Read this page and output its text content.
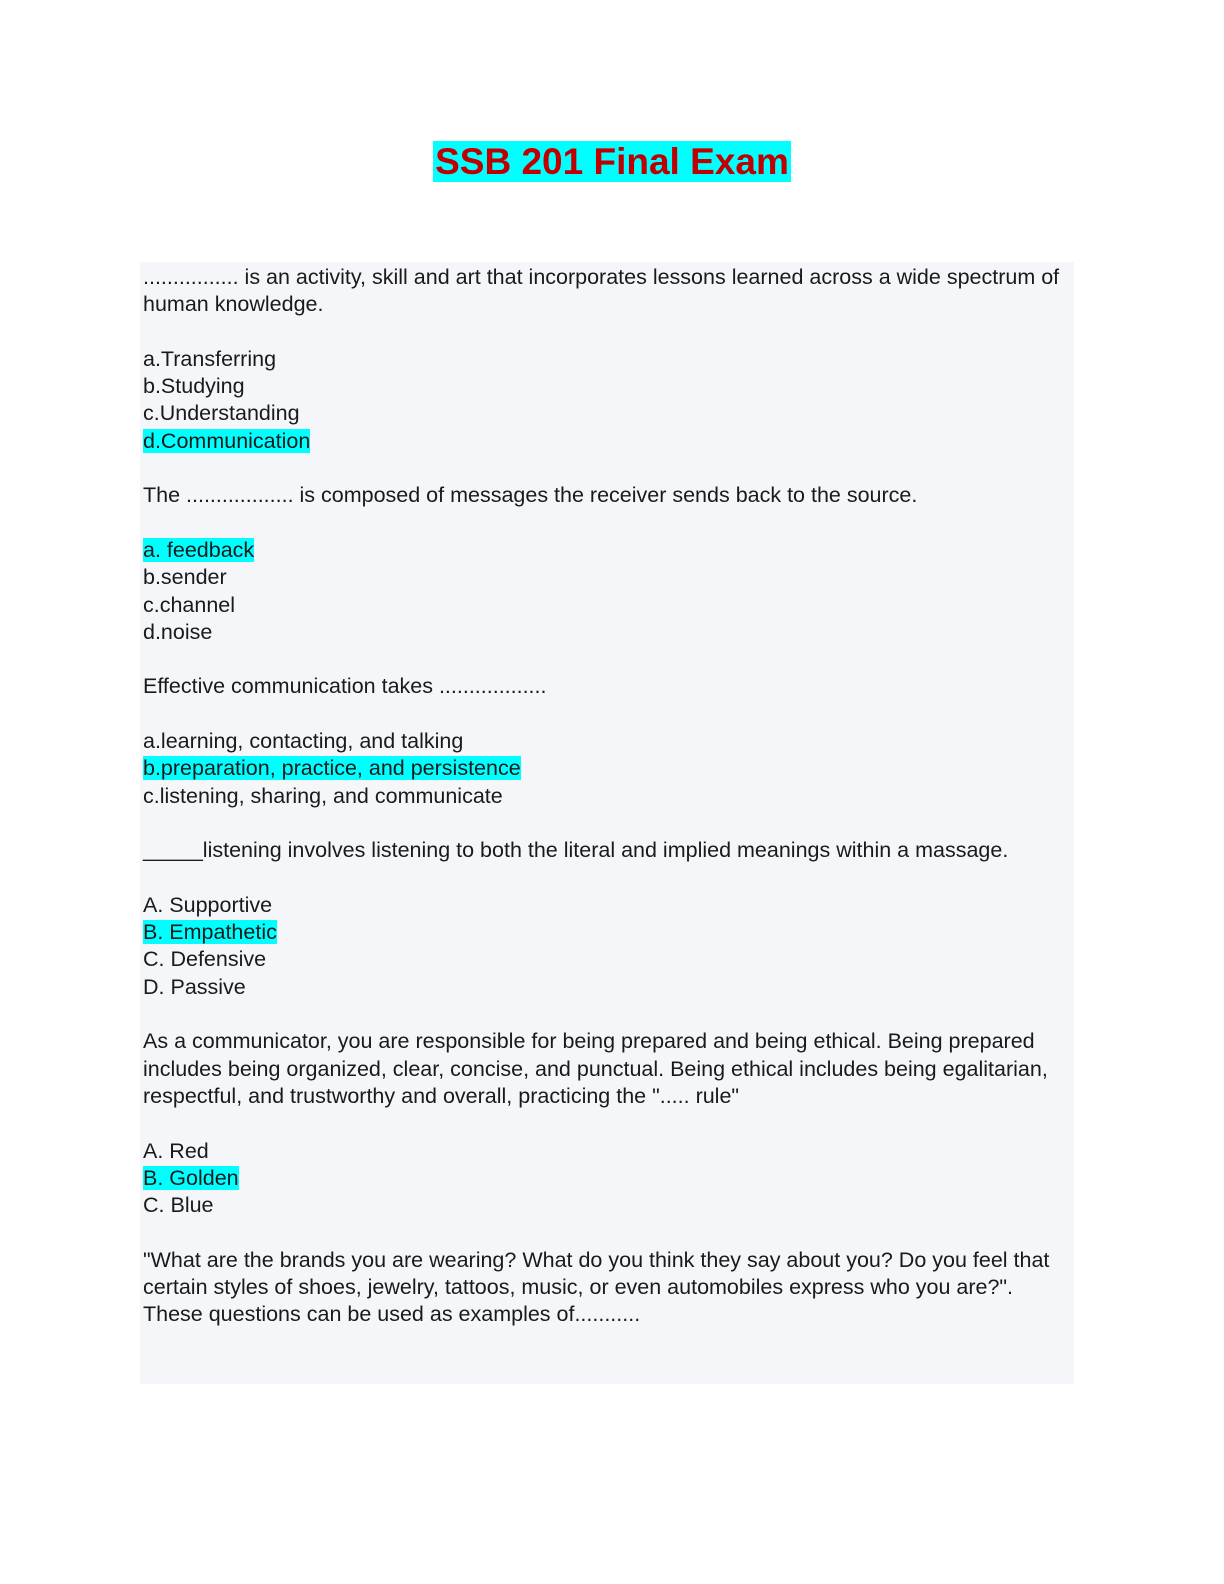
SSB 201 Final Exam
................ is an activity, skill and art that incorporates lessons learned across a wide spectrum of human knowledge.
a.Transferring
b.Studying
c.Understanding
d.Communication
The .................. is composed of messages the receiver sends back to the source.
a. feedback
b.sender
c.channel
d.noise
Effective communication takes ..................
a.learning, contacting, and talking
b.preparation, practice, and persistence
c.listening, sharing, and communicate
_____listening involves listening to both the literal and implied meanings within a massage.
A. Supportive
B. Empathetic
C. Defensive
D. Passive
As a communicator, you are responsible for being prepared and being ethical. Being prepared includes being organized, clear, concise, and punctual. Being ethical includes being egalitarian, respectful, and trustworthy and overall, practicing the "..... rule"
A. Red
B. Golden
C. Blue
"What are the brands you are wearing? What do you think they say about you? Do you feel that certain styles of shoes, jewelry, tattoos, music, or even automobiles express who you are?". These questions can be used as examples of...........
